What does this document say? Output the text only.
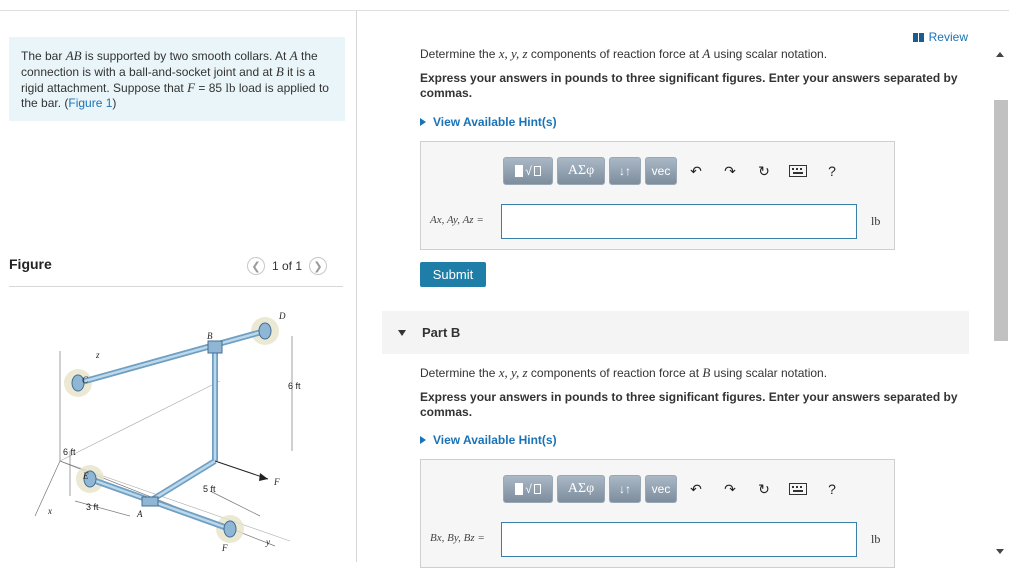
The bar AB is supported by two smooth collars. At A the connection is with a ball-and-socket joint and at B it is a rigid attachment. Suppose that F = 85 lb load is applied to the bar. (Figure 1)
Figure	❮ 1 of 1	❯
D
B
z
C
6 ft
6 ft
E
F
5 ft
3 ft
A
x
y
F
Review
Determine the x, y, z components of reaction force at A using scalar notation.
Express your answers in pounds to three significant figures. Enter your answers separated by commas.
View Available Hint(s)
√	ΑΣφ	↓↑	vec	↶	↷	↻	?
Ax, Ay, Az =	lb
Submit
Part B
Determine the x, y, z components of reaction force at B using scalar notation.
Express your answers in pounds to three significant figures. Enter your answers separated by commas.
View Available Hint(s)
√	ΑΣφ	↓↑	vec	↶	↷	↻	?
Bx, By, Bz =	lb
